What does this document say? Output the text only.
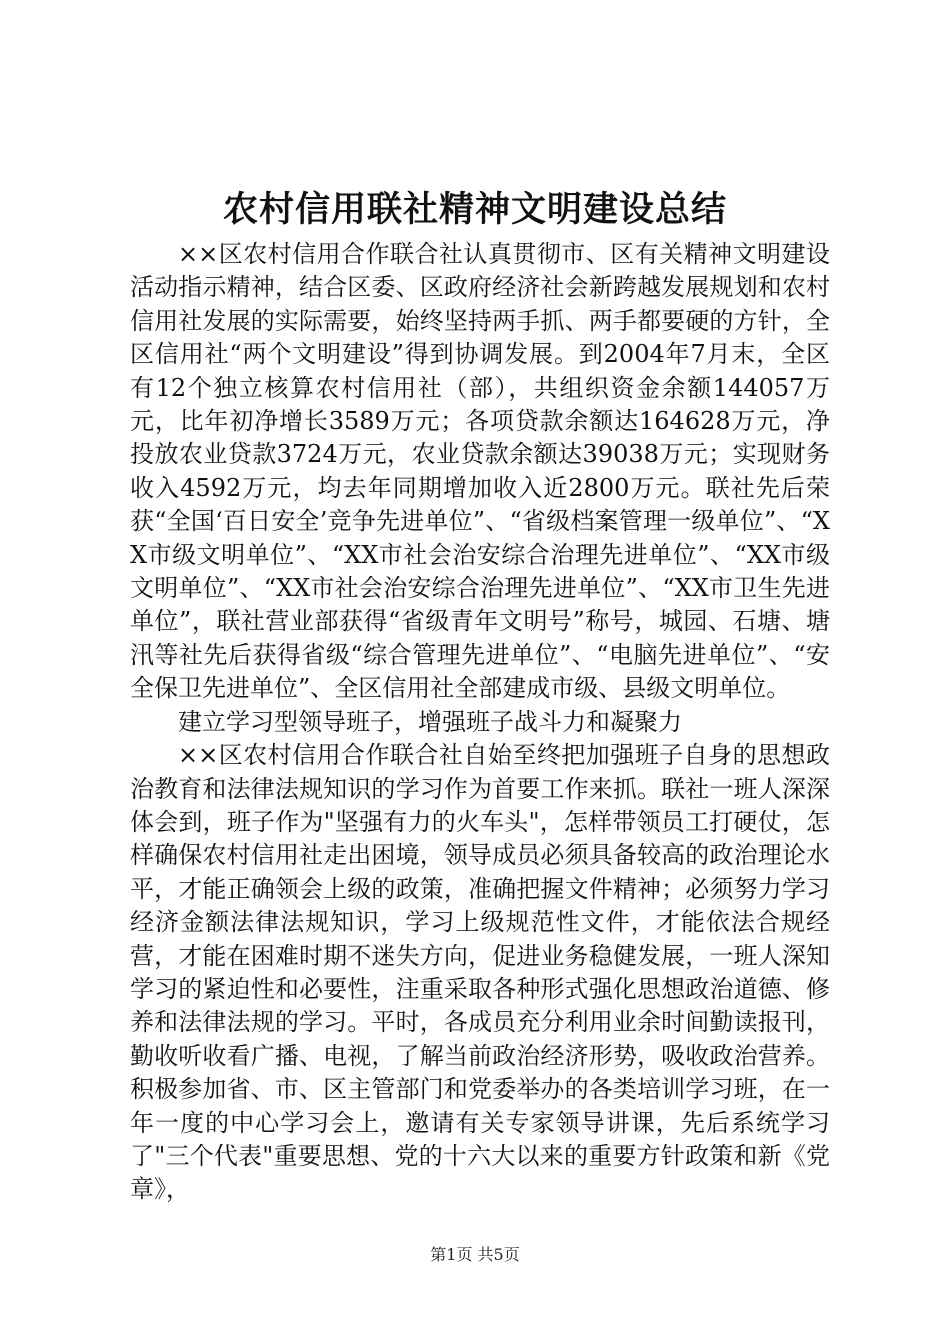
农村信用联社精神文明建设总结

××区农村信用合作联合社认真贯彻市、区有关精神文明建设活动指示精神，结合区委、区政府经济社会新跨越发展规划和农村信用社发展的实际需要，始终坚持两手抓、两手都要硬的方针，全区信用社“两个文明建设”得到协调发展。到2004年7月末，全区有12个独立核算农村信用社（部），共组织资金余额144057万元，比年初净增长3589万元；各项贷款余额达164628万元，净投放农业贷款3724万元，农业贷款余额达39038万元；实现财务收入4592万元，均去年同期增加收入近2800万元。联社先后荣获“全国‘百日安全’竞争先进单位”、“省级档案管理一级单位”、“XX市级文明单位”、“XX市社会治安综合治理先进单位”、“XX市级文明单位”、“XX市社会治安综合治理先进单位”、“XX市卫生先进单位”，联社营业部获得“省级青年文明号”称号，城园、石塘、塘汛等社先后获得省级“综合管理先进单位”、“电脑先进单位”、“安全保卫先进单位”、全区信用社全部建成市级、县级文明单位。

建立学习型领导班子，增强班子战斗力和凝聚力

××区农村信用合作联合社自始至终把加强班子自身的思想政治教育和法律法规知识的学习作为首要工作来抓。联社一班人深深体会到，班子作为"坚强有力的火车头"，怎样带领员工打硬仗，怎样确保农村信用社走出困境，领导成员必须具备较高的政治理论水平，才能正确领会上级的政策，准确把握文件精神；必须努力学习经济金额法律法规知识，学习上级规范性文件，才能依法合规经营，才能在困难时期不迷失方向，促进业务稳健发展，一班人深知学习的紧迫性和必要性，注重采取各种形式强化思想政治道德、修养和法律法规的学习。平时，各成员充分利用业余时间勤读报刊，勤收听收看广播、电视，了解当前政治经济形势，吸收政治营养。积极参加省、市、区主管部门和党委举办的各类培训学习班，在一年一度的中心学习会上，邀请有关专家领导讲课，先后系统学习了"三个代表"重要思想、党的十六大以来的重要方针政策和新《党章》，

第1页 共5页
